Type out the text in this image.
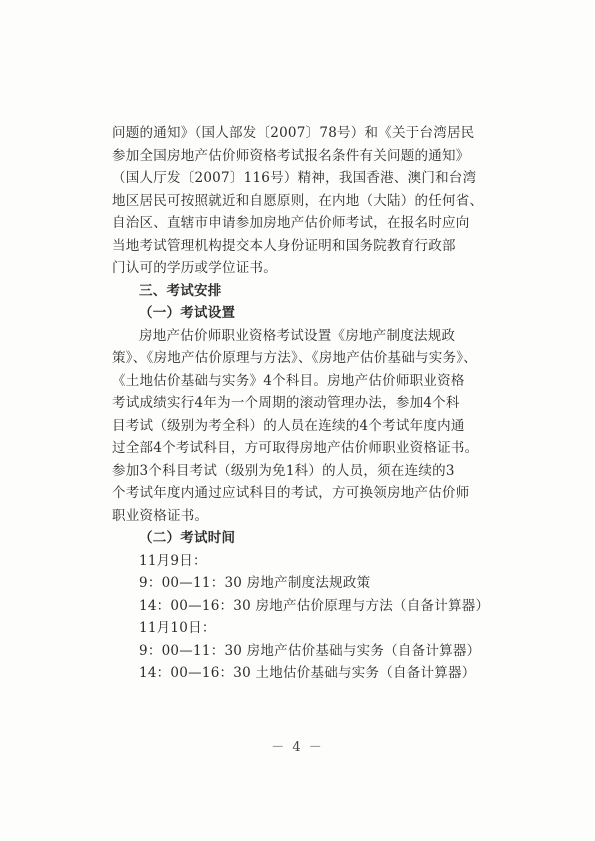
问题的通知》（国人部发〔2007〕78号）和《关于台湾居民
参加全国房地产估价师资格考试报名条件有关问题的通知》
（国人厅发〔2007〕116号）精神，我国香港、澳门和台湾
地区居民可按照就近和自愿原则，在内地（大陆）的任何省、
自治区、直辖市申请参加房地产估价师考试，在报名时应向
当地考试管理机构提交本人身份证明和国务院教育行政部
门认可的学历或学位证书。
三、考试安排
（一）考试设置
房地产估价师职业资格考试设置《房地产制度法规政
策》、《房地产估价原理与方法》、《房地产估价基础与实务》、
《土地估价基础与实务》4个科目。房地产估价师职业资格
考试成绩实行4年为一个周期的滚动管理办法，参加4个科
目考试（级别为考全科）的人员在连续的4个考试年度内通
过全部4个考试科目，方可取得房地产估价师职业资格证书。
参加3个科目考试（级别为免1科）的人员，须在连续的3
个考试年度内通过应试科目的考试，方可换领房地产估价师
职业资格证书。
（二）考试时间
11月9日：
9：00—11：30 房地产制度法规政策
14：00—16：30 房地产估价原理与方法（自备计算器）
11月10日：
9：00—11：30 房地产估价基础与实务（自备计算器）
14：00—16：30 土地估价基础与实务（自备计算器）
－ 4 －
